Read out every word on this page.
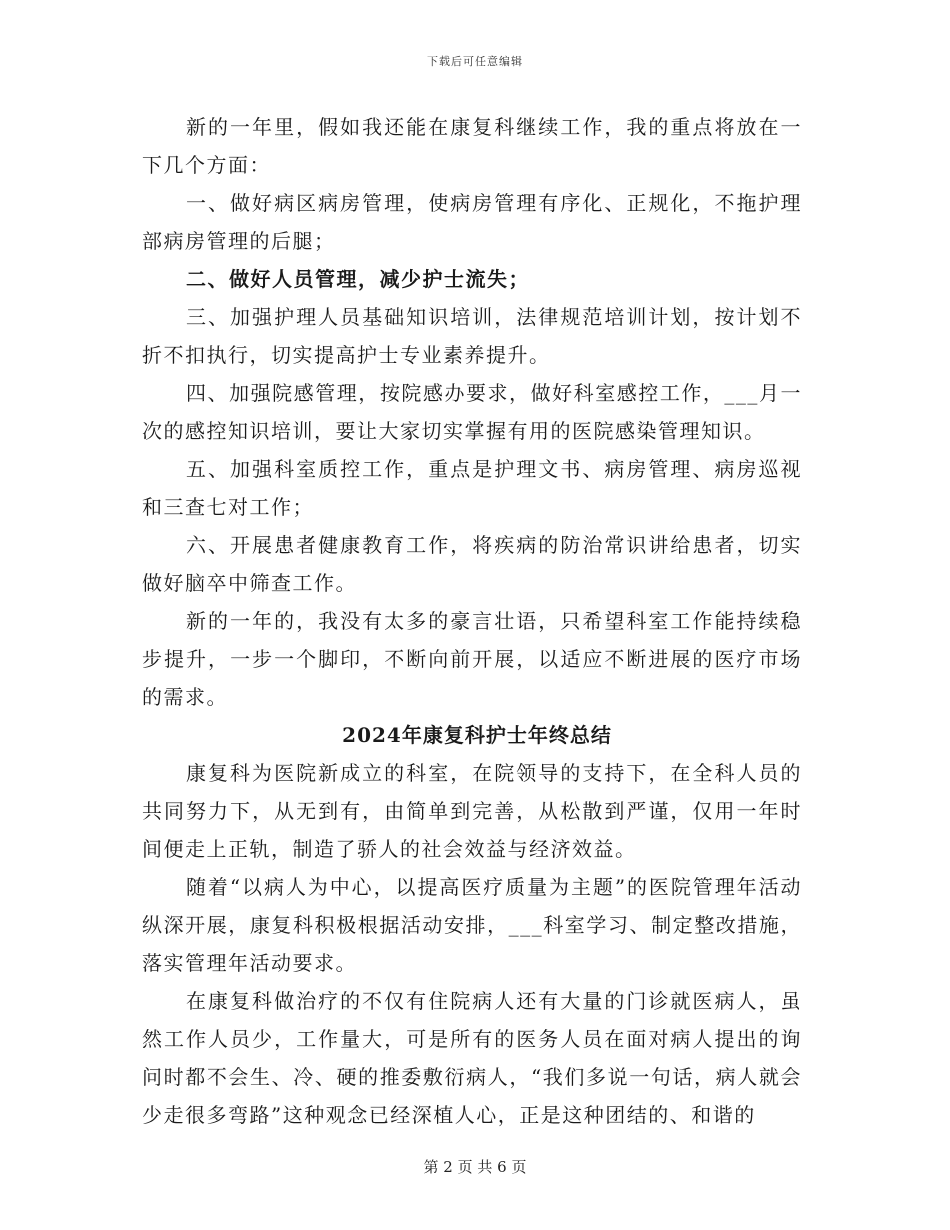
下载后可任意编辑

新的一年里，假如我还能在康复科继续工作，我的重点将放在一下几个方面：

一、做好病区病房管理，使病房管理有序化、正规化，不拖护理部病房管理的后腿；

二、做好人员管理，减少护士流失；

三、加强护理人员基础知识培训，法律规范培训计划，按计划不折不扣执行，切实提高护士专业素养提升。

四、加强院感管理，按院感办要求，做好科室感控工作，___月一次的感控知识培训，要让大家切实掌握有用的医院感染管理知识。

五、加强科室质控工作，重点是护理文书、病房管理、病房巡视和三查七对工作；

六、开展患者健康教育工作，将疾病的防治常识讲给患者，切实做好脑卒中筛查工作。

新的一年的，我没有太多的豪言壮语，只希望科室工作能持续稳步提升，一步一个脚印，不断向前开展，以适应不断进展的医疗市场的需求。

2024年康复科护士年终总结

康复科为医院新成立的科室，在院领导的支持下，在全科人员的共同努力下，从无到有，由简单到完善，从松散到严谨，仅用一年时间便走上正轨，制造了骄人的社会效益与经济效益。

随着“以病人为中心，以提高医疗质量为主题”的医院管理年活动纵深开展，康复科积极根据活动安排，___科室学习、制定整改措施，落实管理年活动要求。

在康复科做治疗的不仅有住院病人还有大量的门诊就医病人，虽然工作人员少，工作量大，可是所有的医务人员在面对病人提出的询问时都不会生、冷、硬的推委敷衍病人，“我们多说一句话，病人就会少走很多弯路”这种观念已经深植人心，正是这种团结的、和谐的

第 2 页 共 6 页
